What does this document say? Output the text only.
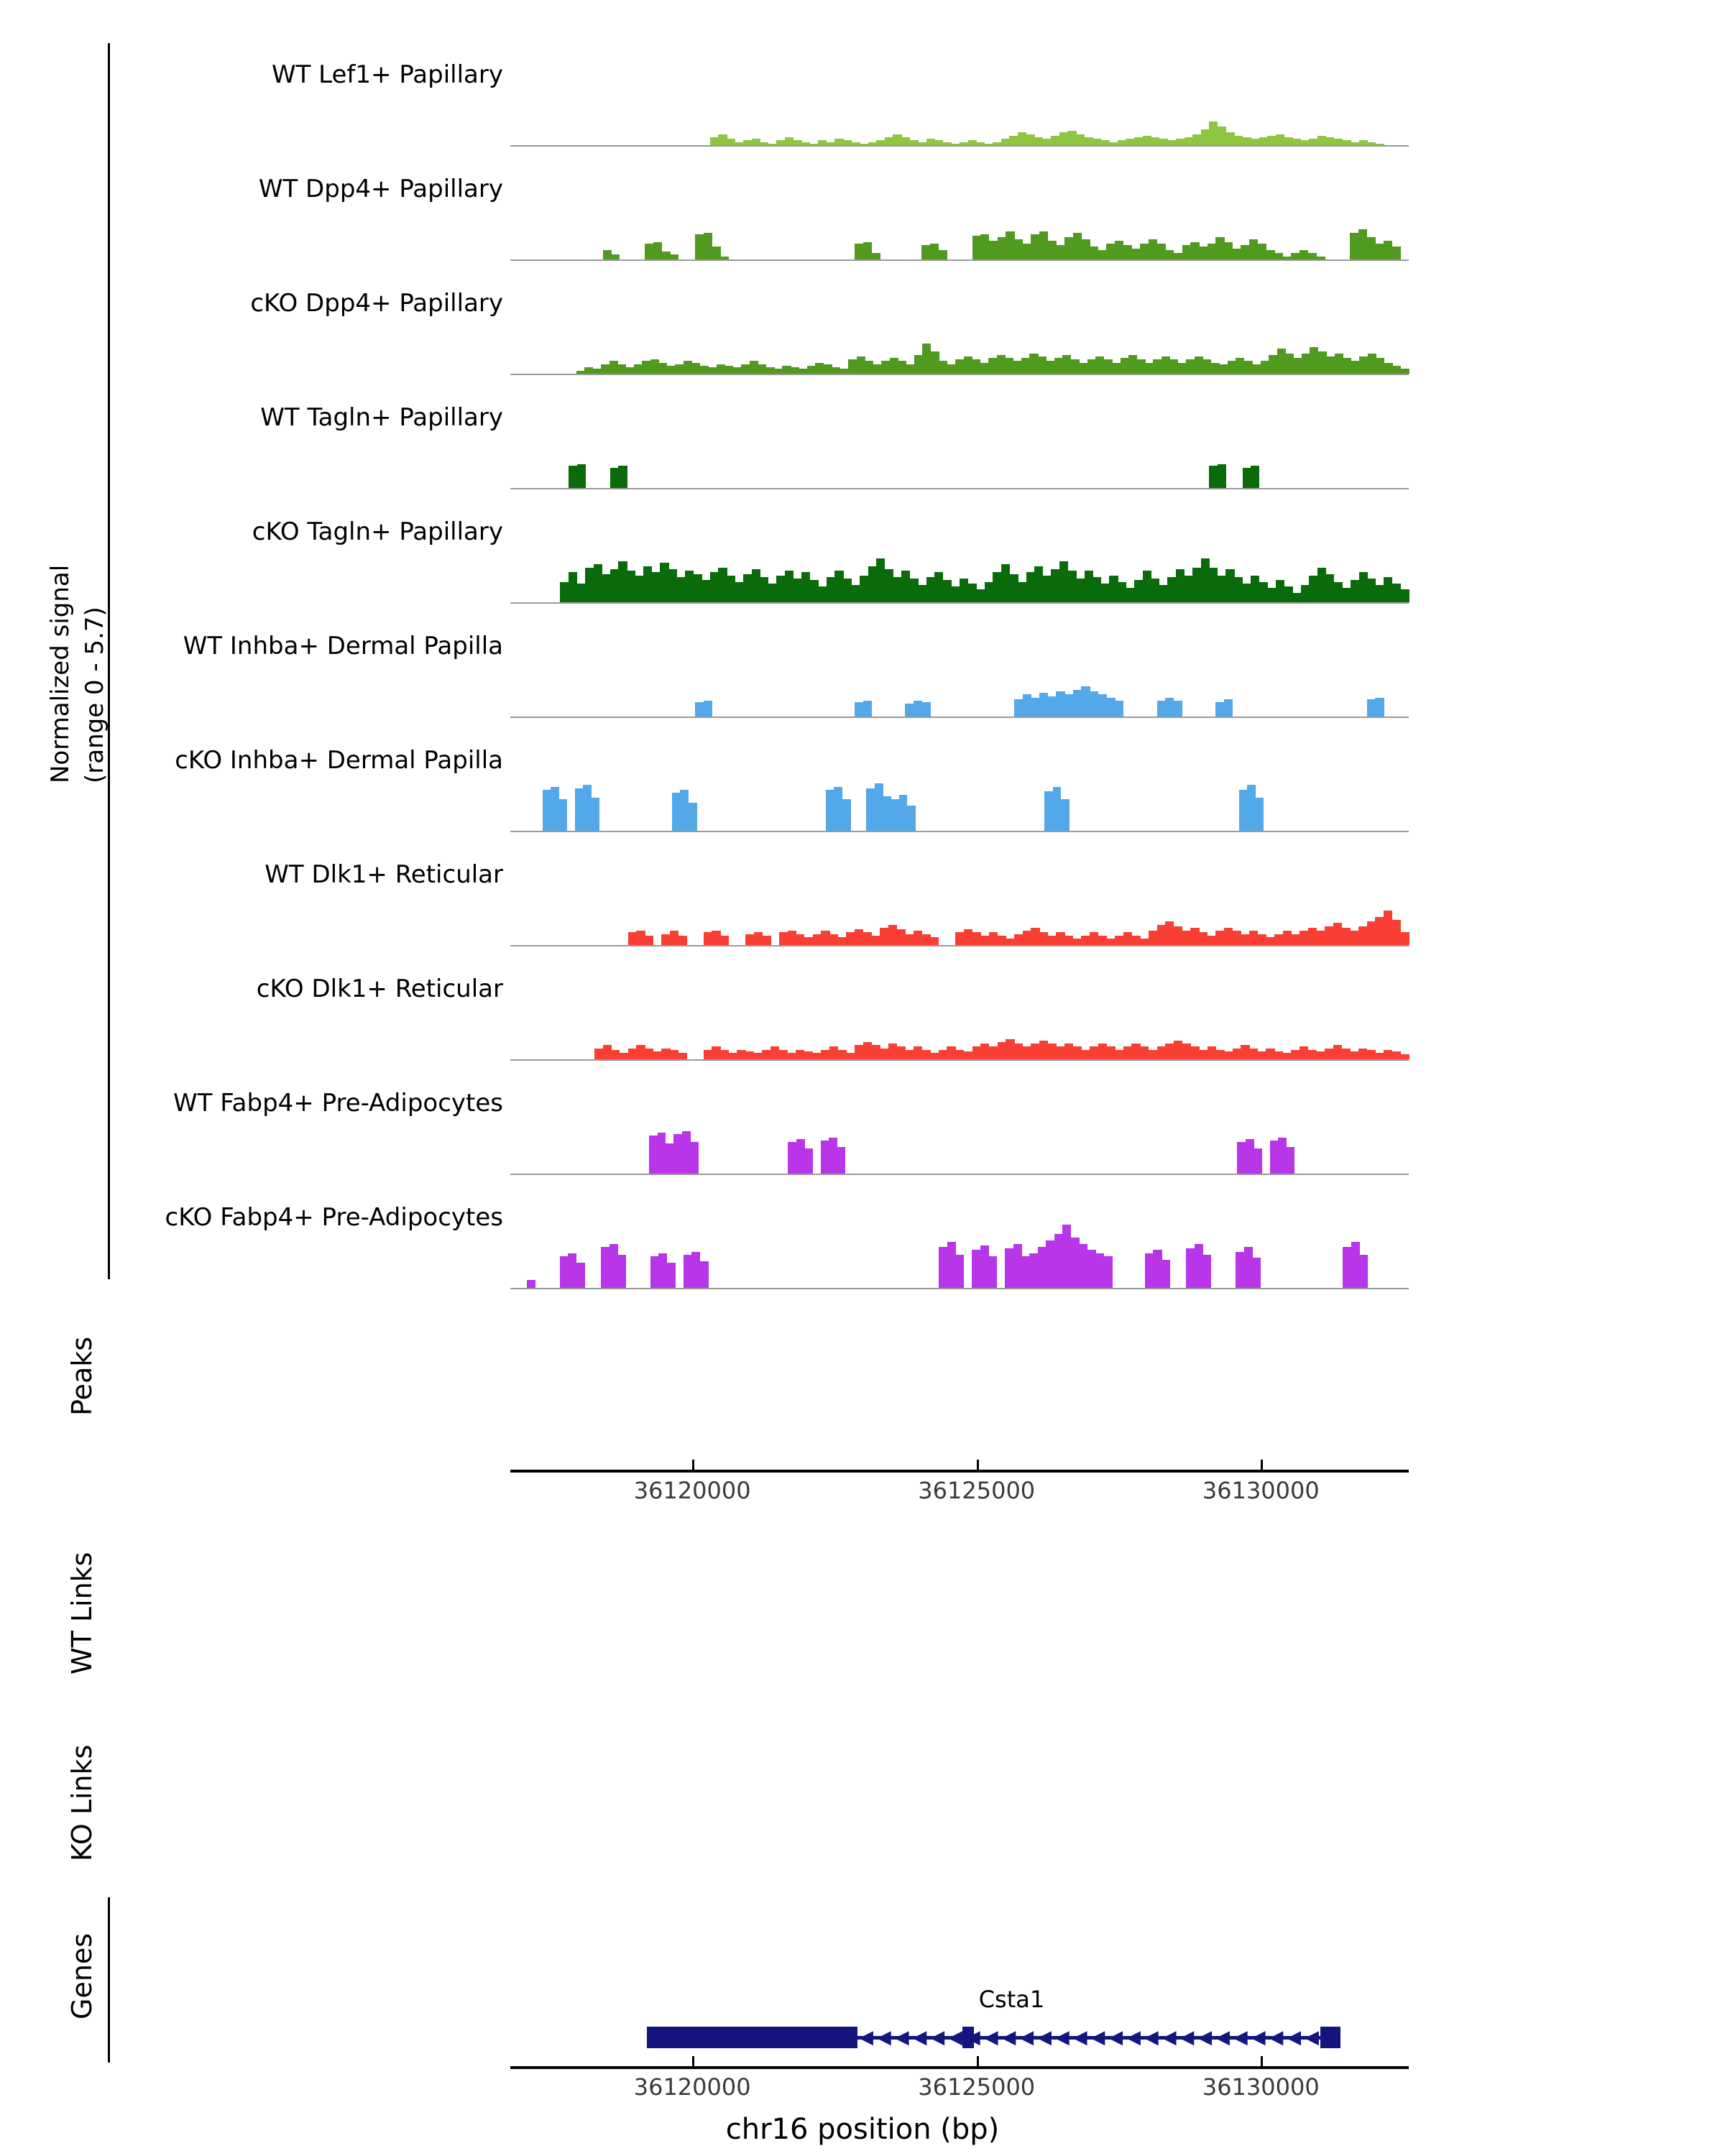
Normalized signal (range 0 - 5.7)
Peaks
WT Links
KO Links
Genes
WT Lef1+ Papillary
WT Dpp4+ Papillary
cKO Dpp4+ Papillary
WT Tagln+ Papillary
cKO Tagln+ Papillary
WT Inhba+ Dermal Papilla
cKO Inhba+ Dermal Papilla
WT Dlk1+ Reticular
cKO Dlk1+ Reticular
WT Fabp4+ Pre-Adipocytes
cKO Fabp4+ Pre-Adipocytes
36120000	36125000	36130000
Csta1
◀ ◀ ◀ ◀ ◀ ◀ ◀ ◀ ◀ ◀ ◀ ◀ ◀ ◀ ◀ ◀ ◀ ◀ ◀ ◀ ◀ ◀ ◀ ◀ ◀ ◀
36120000	36125000	36130000
chr16 position (bp)
